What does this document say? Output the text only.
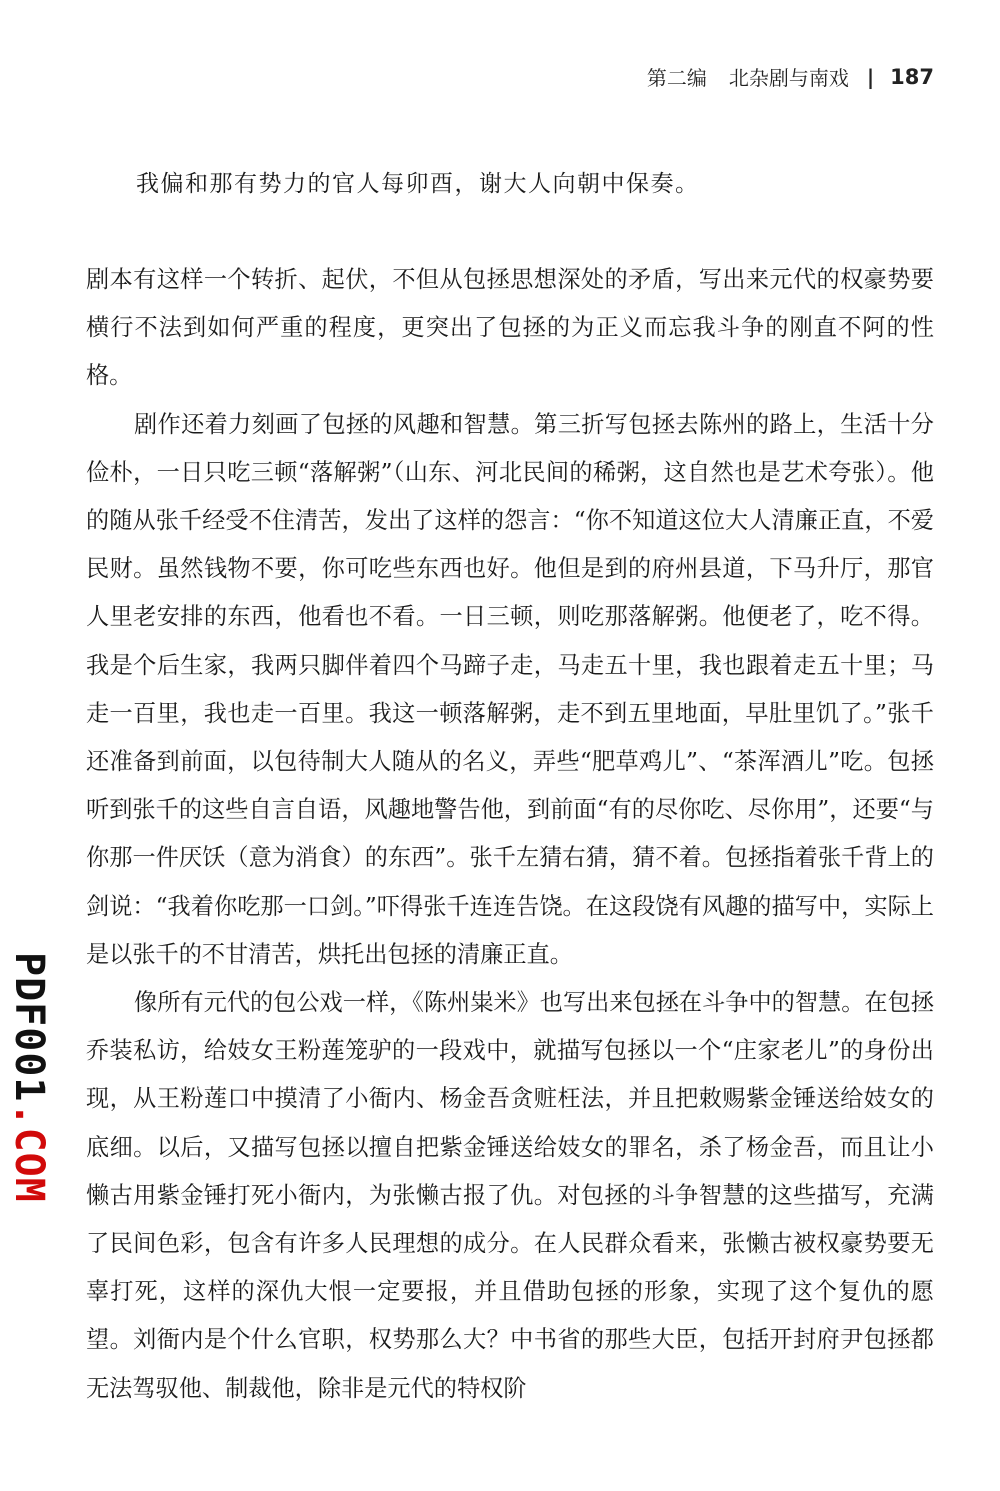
第二编 北杂剧与南戏 | 187
我偏和那有势力的官人每卯酉，谢大人向朝中保奏。

剧本有这样一个转折、起伏，不但从包拯思想深处的矛盾，写出来元代的权豪势要横行不法到如何严重的程度，更突出了包拯的为正义而忘我斗争的刚直不阿的性格。

剧作还着力刻画了包拯的风趣和智慧。第三折写包拯去陈州的路上，生活十分俭朴，一日只吃三顿“落解粥”（山东、河北民间的稀粥，这自然也是艺术夸张）。他的随从张千经受不住清苦，发出了这样的怨言：“你不知道这位大人清廉正直，不爱民财。虽然钱物不要，你可吃些东西也好。他但是到的府州县道，下马升厅，那官人里老安排的东西，他看也不看。一日三顿，则吃那落解粥。他便老了，吃不得。我是个后生家，我两只脚伴着四个马蹄子走，马走五十里，我也跟着走五十里；马走一百里，我也走一百里。我这一顿落解粥，走不到五里地面，早肚里饥了。”张千还准备到前面，以包待制大人随从的名义，弄些“肥草鸡儿”、“茶浑酒儿”吃。包拯听到张千的这些自言自语，风趣地警告他，到前面“有的尽你吃、尽你用”，还要“与你那一件厌饫（意为消食）的东西”。张千左猜右猜，猜不着。包拯指着张千背上的剑说：“我着你吃那一口剑。”吓得张千连连告饶。在这段饶有风趣的描写中，实际上是以张千的不甘清苦，烘托出包拯的清廉正直。

像所有元代的包公戏一样，《陈州粜米》也写出来包拯在斗争中的智慧。在包拯乔装私访，给妓女王粉莲笼驴的一段戏中，就描写包拯以一个“庄家老儿”的身份出现，从王粉莲口中摸清了小衙内、杨金吾贪赃枉法，并且把敕赐紫金锤送给妓女的底细。以后，又描写包拯以擅自把紫金锤送给妓女的罪名，杀了杨金吾，而且让小懒古用紫金锤打死小衙内，为张懒古报了仇。对包拯的斗争智慧的这些描写，充满了民间色彩，包含有许多人民理想的成分。在人民群众看来，张懒古被权豪势要无辜打死，这样的深仇大恨一定要报，并且借助包拯的形象，实现了这个复仇的愿望。刘衙内是个什么官职，权势那么大？中书省的那些大臣，包括开封府尹包拯都无法驾驭他、制裁他，除非是元代的特权阶

PDF001.COM
